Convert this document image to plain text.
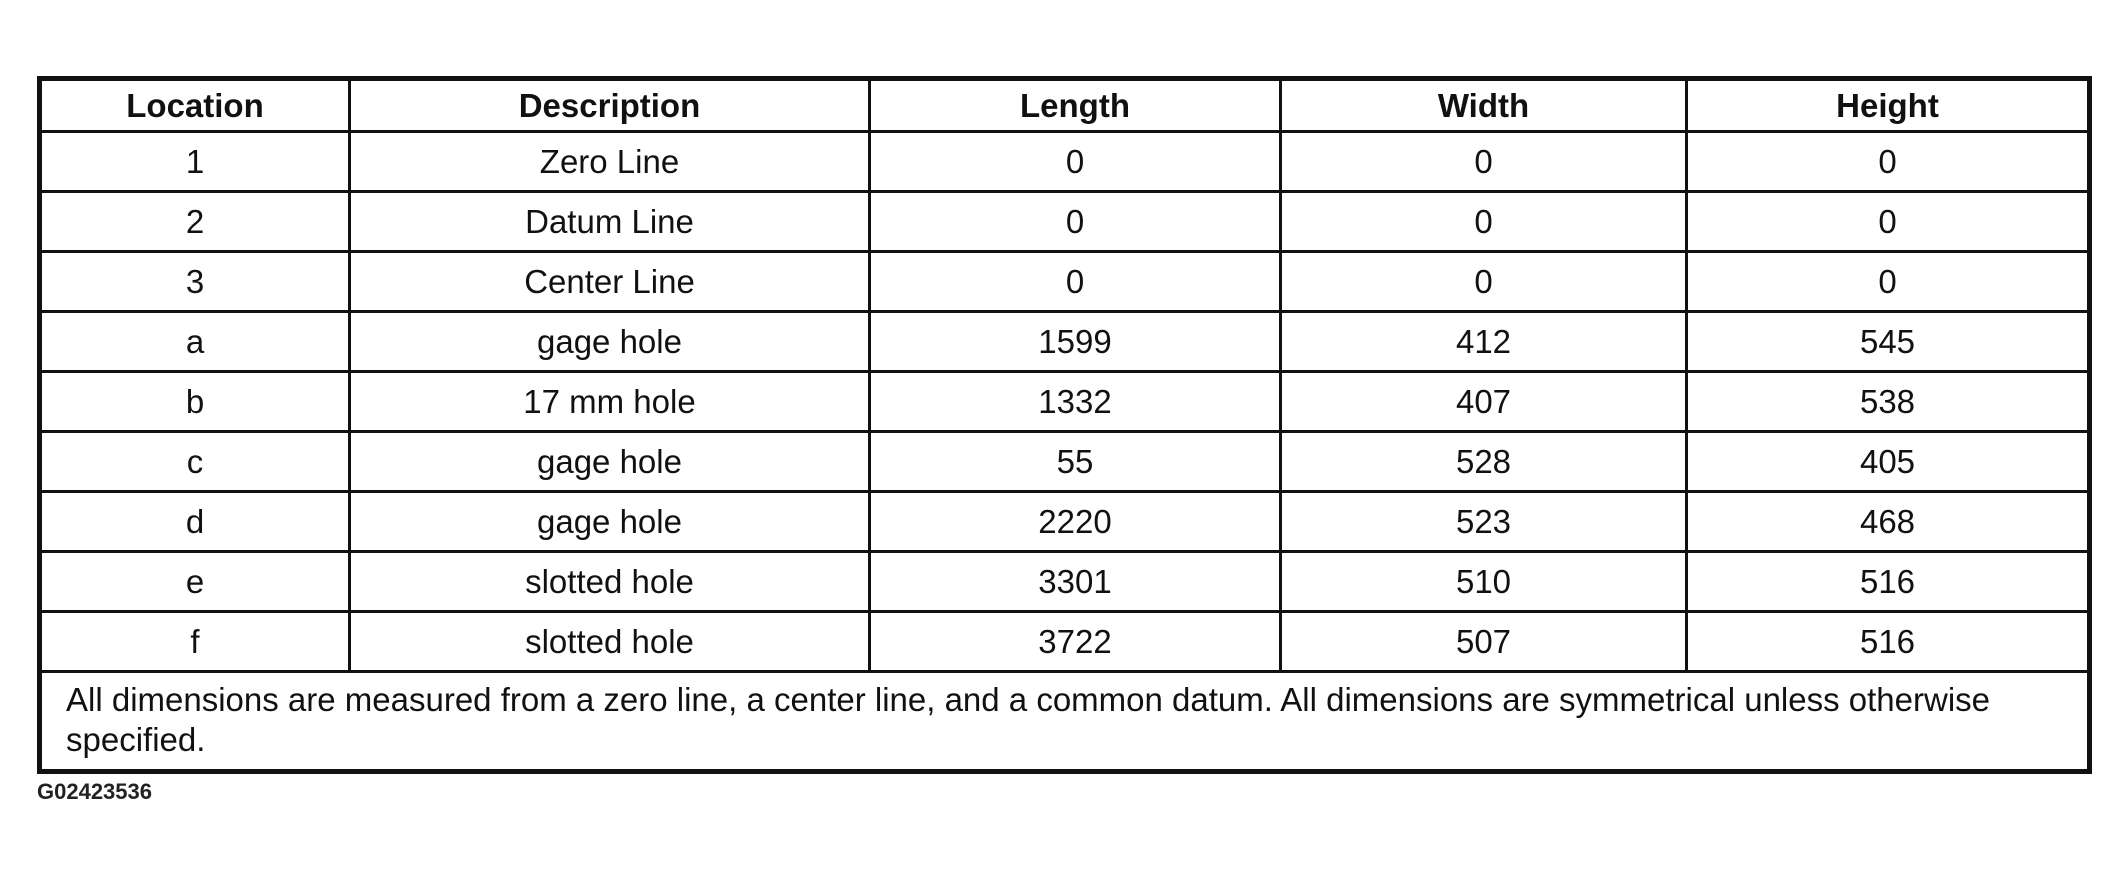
Location	Description	Length	Width	Height
1	Zero Line	0	0	0
2	Datum Line	0	0	0
3	Center Line	0	0	0
a	gage hole	1599	412	545
b	17 mm hole	1332	407	538
c	gage hole	55	528	405
d	gage hole	2220	523	468
e	slotted hole	3301	510	516
f	slotted hole	3722	507	516
All dimensions are measured from a zero line, a center line, and a common datum. All dimensions are symmetrical unless otherwise specified.				
G02423536
